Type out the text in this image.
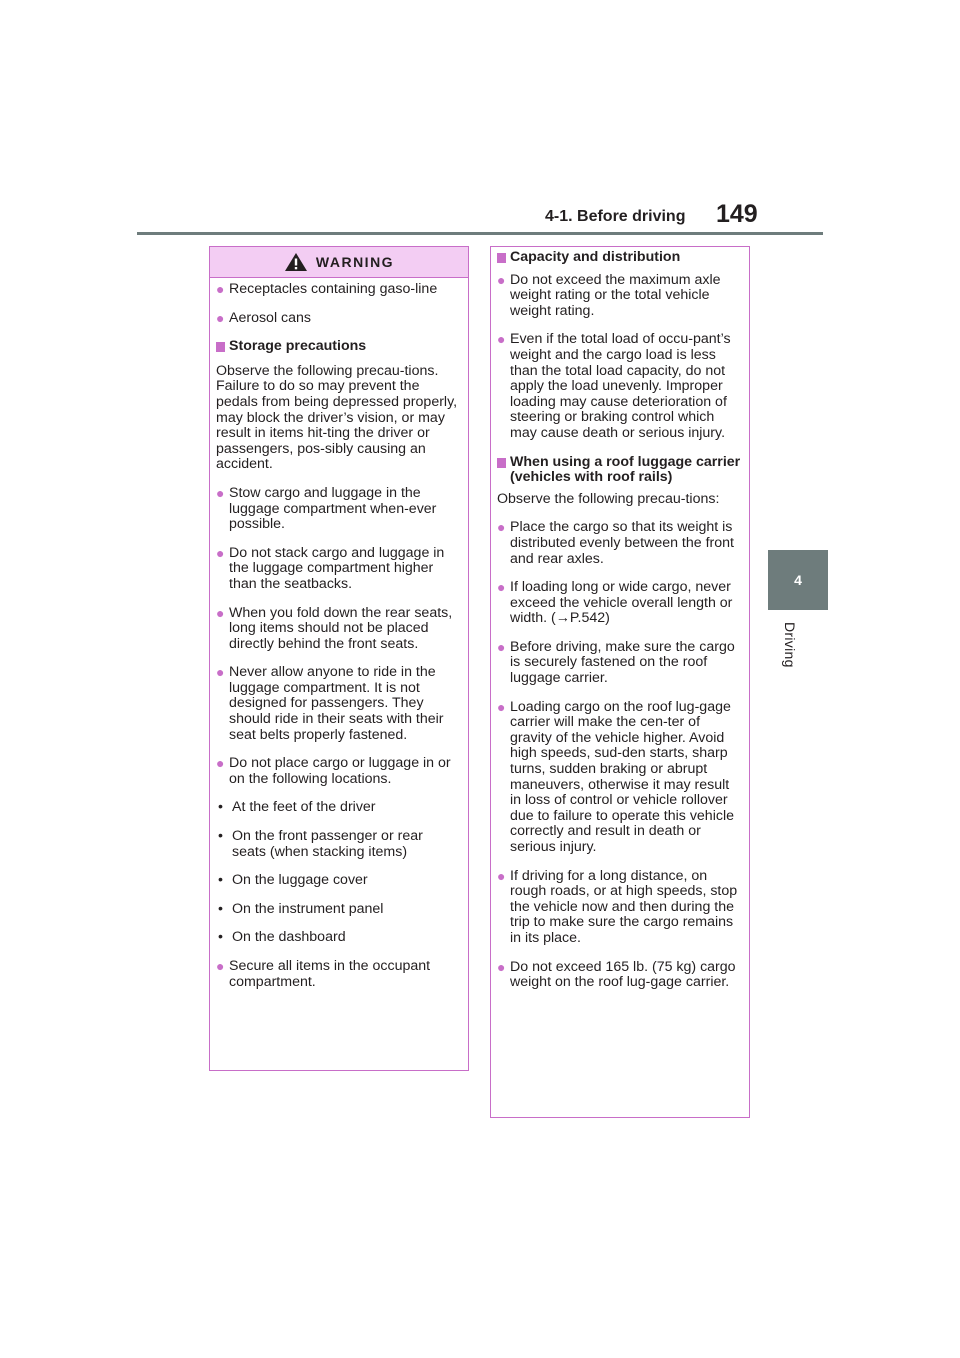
4-1. Before driving 149
4
Driving
WARNING
● Receptacles containing gaso-line
● Aerosol cans
Storage precautions
Observe the following precau-tions.
Failure to do so may prevent the pedals from being depressed properly, may block the driver’s vision, or may result in items hit-ting the driver or passengers, pos-sibly causing an accident.
● Stow cargo and luggage in the luggage compartment when-ever possible.
● Do not stack cargo and luggage in the luggage compartment higher than the seatbacks.
● When you fold down the rear seats, long items should not be placed directly behind the front seats.
● Never allow anyone to ride in the luggage compartment. It is not designed for passengers. They should ride in their seats with their seat belts properly fastened.
● Do not place cargo or luggage in or on the following locations.
• At the feet of the driver
• On the front passenger or rear seats (when stacking items)
• On the luggage cover
• On the instrument panel
• On the dashboard
● Secure all items in the occupant compartment.
Capacity and distribution
● Do not exceed the maximum axle weight rating or the total vehicle weight rating.
● Even if the total load of occu-pant’s weight and the cargo load is less than the total load capacity, do not apply the load unevenly. Improper loading may cause deterioration of steering or braking control which may cause death or serious injury.
When using a roof luggage carrier (vehicles with roof rails)
Observe the following precau-tions:
● Place the cargo so that its weight is distributed evenly between the front and rear axles.
● If loading long or wide cargo, never exceed the vehicle overall length or width. (→P.542)
● Before driving, make sure the cargo is securely fastened on the roof luggage carrier.
● Loading cargo on the roof lug-gage carrier will make the cen-ter of gravity of the vehicle higher. Avoid high speeds, sud-den starts, sharp turns, sudden braking or abrupt maneuvers, otherwise it may result in loss of control or vehicle rollover due to failure to operate this vehicle correctly and result in death or serious injury.
● If driving for a long distance, on rough roads, or at high speeds, stop the vehicle now and then during the trip to make sure the cargo remains in its place.
● Do not exceed 165 lb. (75 kg) cargo weight on the roof lug-gage carrier.
